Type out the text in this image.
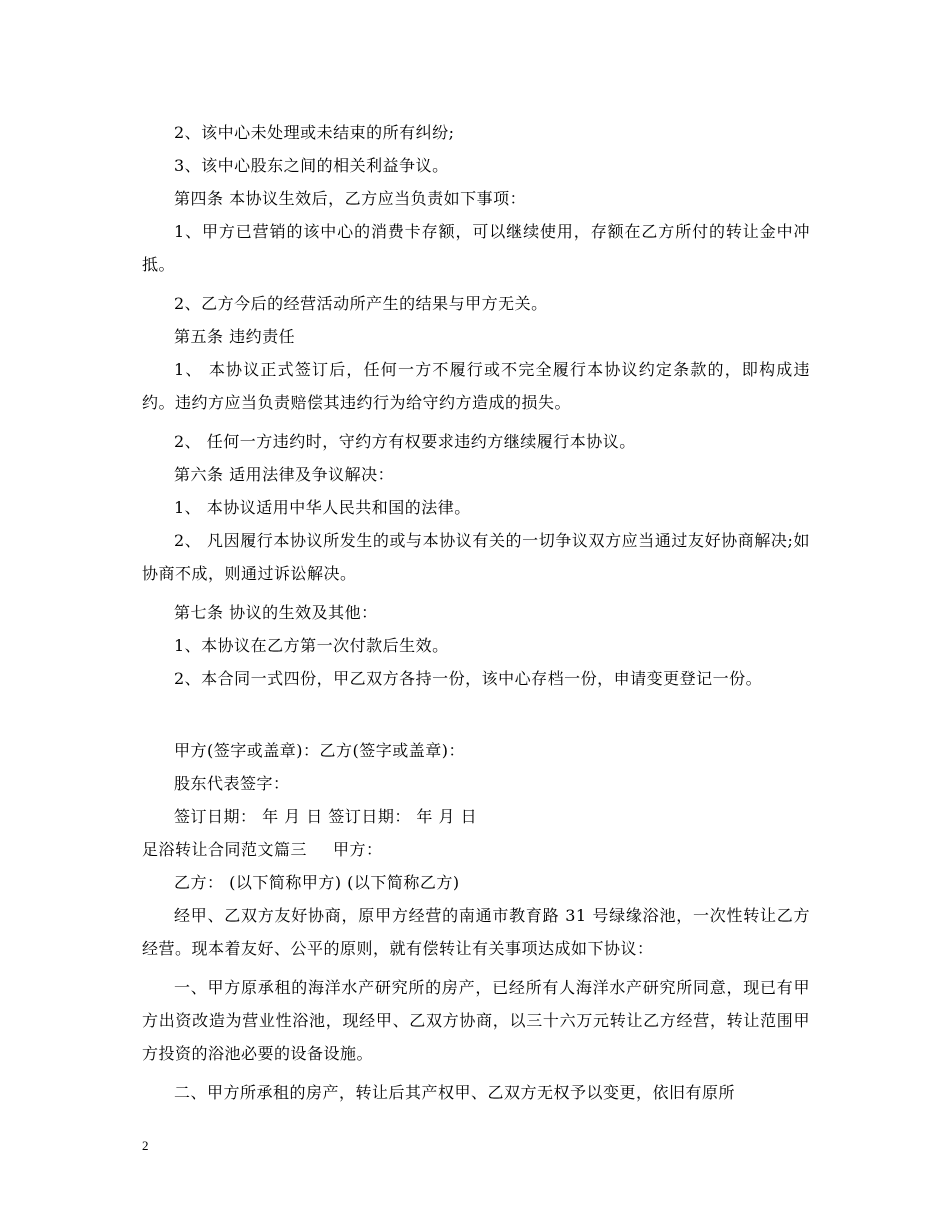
2、该中心未处理或未结束的所有纠纷;

3、该中心股东之间的相关利益争议。

第四条 本协议生效后，乙方应当负责如下事项：

1、甲方已营销的该中心的消费卡存额，可以继续使用，存额在乙方所付的转让金中冲抵。

2、乙方今后的经营活动所产生的结果与甲方无关。

第五条 违约责任

1、 本协议正式签订后，任何一方不履行或不完全履行本协议约定条款的，即构成违约。违约方应当负责赔偿其违约行为给守约方造成的损失。

2、 任何一方违约时，守约方有权要求违约方继续履行本协议。

第六条 适用法律及争议解决：

1、 本协议适用中华人民共和国的法律。

2、 凡因履行本协议所发生的或与本协议有关的一切争议双方应当通过友好协商解决;如协商不成，则通过诉讼解决。

第七条 协议的生效及其他：

1、本协议在乙方第一次付款后生效。

2、本合同一式四份，甲乙双方各持一份，该中心存档一份，申请变更登记一份。

甲方(签字或盖章)：乙方(签字或盖章)：

股东代表签字：

签订日期： 年 月 日 签订日期： 年 月 日

足浴转让合同范文篇三 甲方：

乙方： (以下简称甲方) (以下简称乙方)

经甲、乙双方友好协商，原甲方经营的南通市教育路 31 号绿缘浴池，一次性转让乙方经营。现本着友好、公平的原则，就有偿转让有关事项达成如下协议：

一、甲方原承租的海洋水产研究所的房产，已经所有人海洋水产研究所同意，现已有甲方出资改造为营业性浴池，现经甲、乙双方协商，以三十六万元转让乙方经营，转让范围甲方投资的浴池必要的设备设施。

二、甲方所承租的房产，转让后其产权甲、乙双方无权予以变更，依旧有原所

2
